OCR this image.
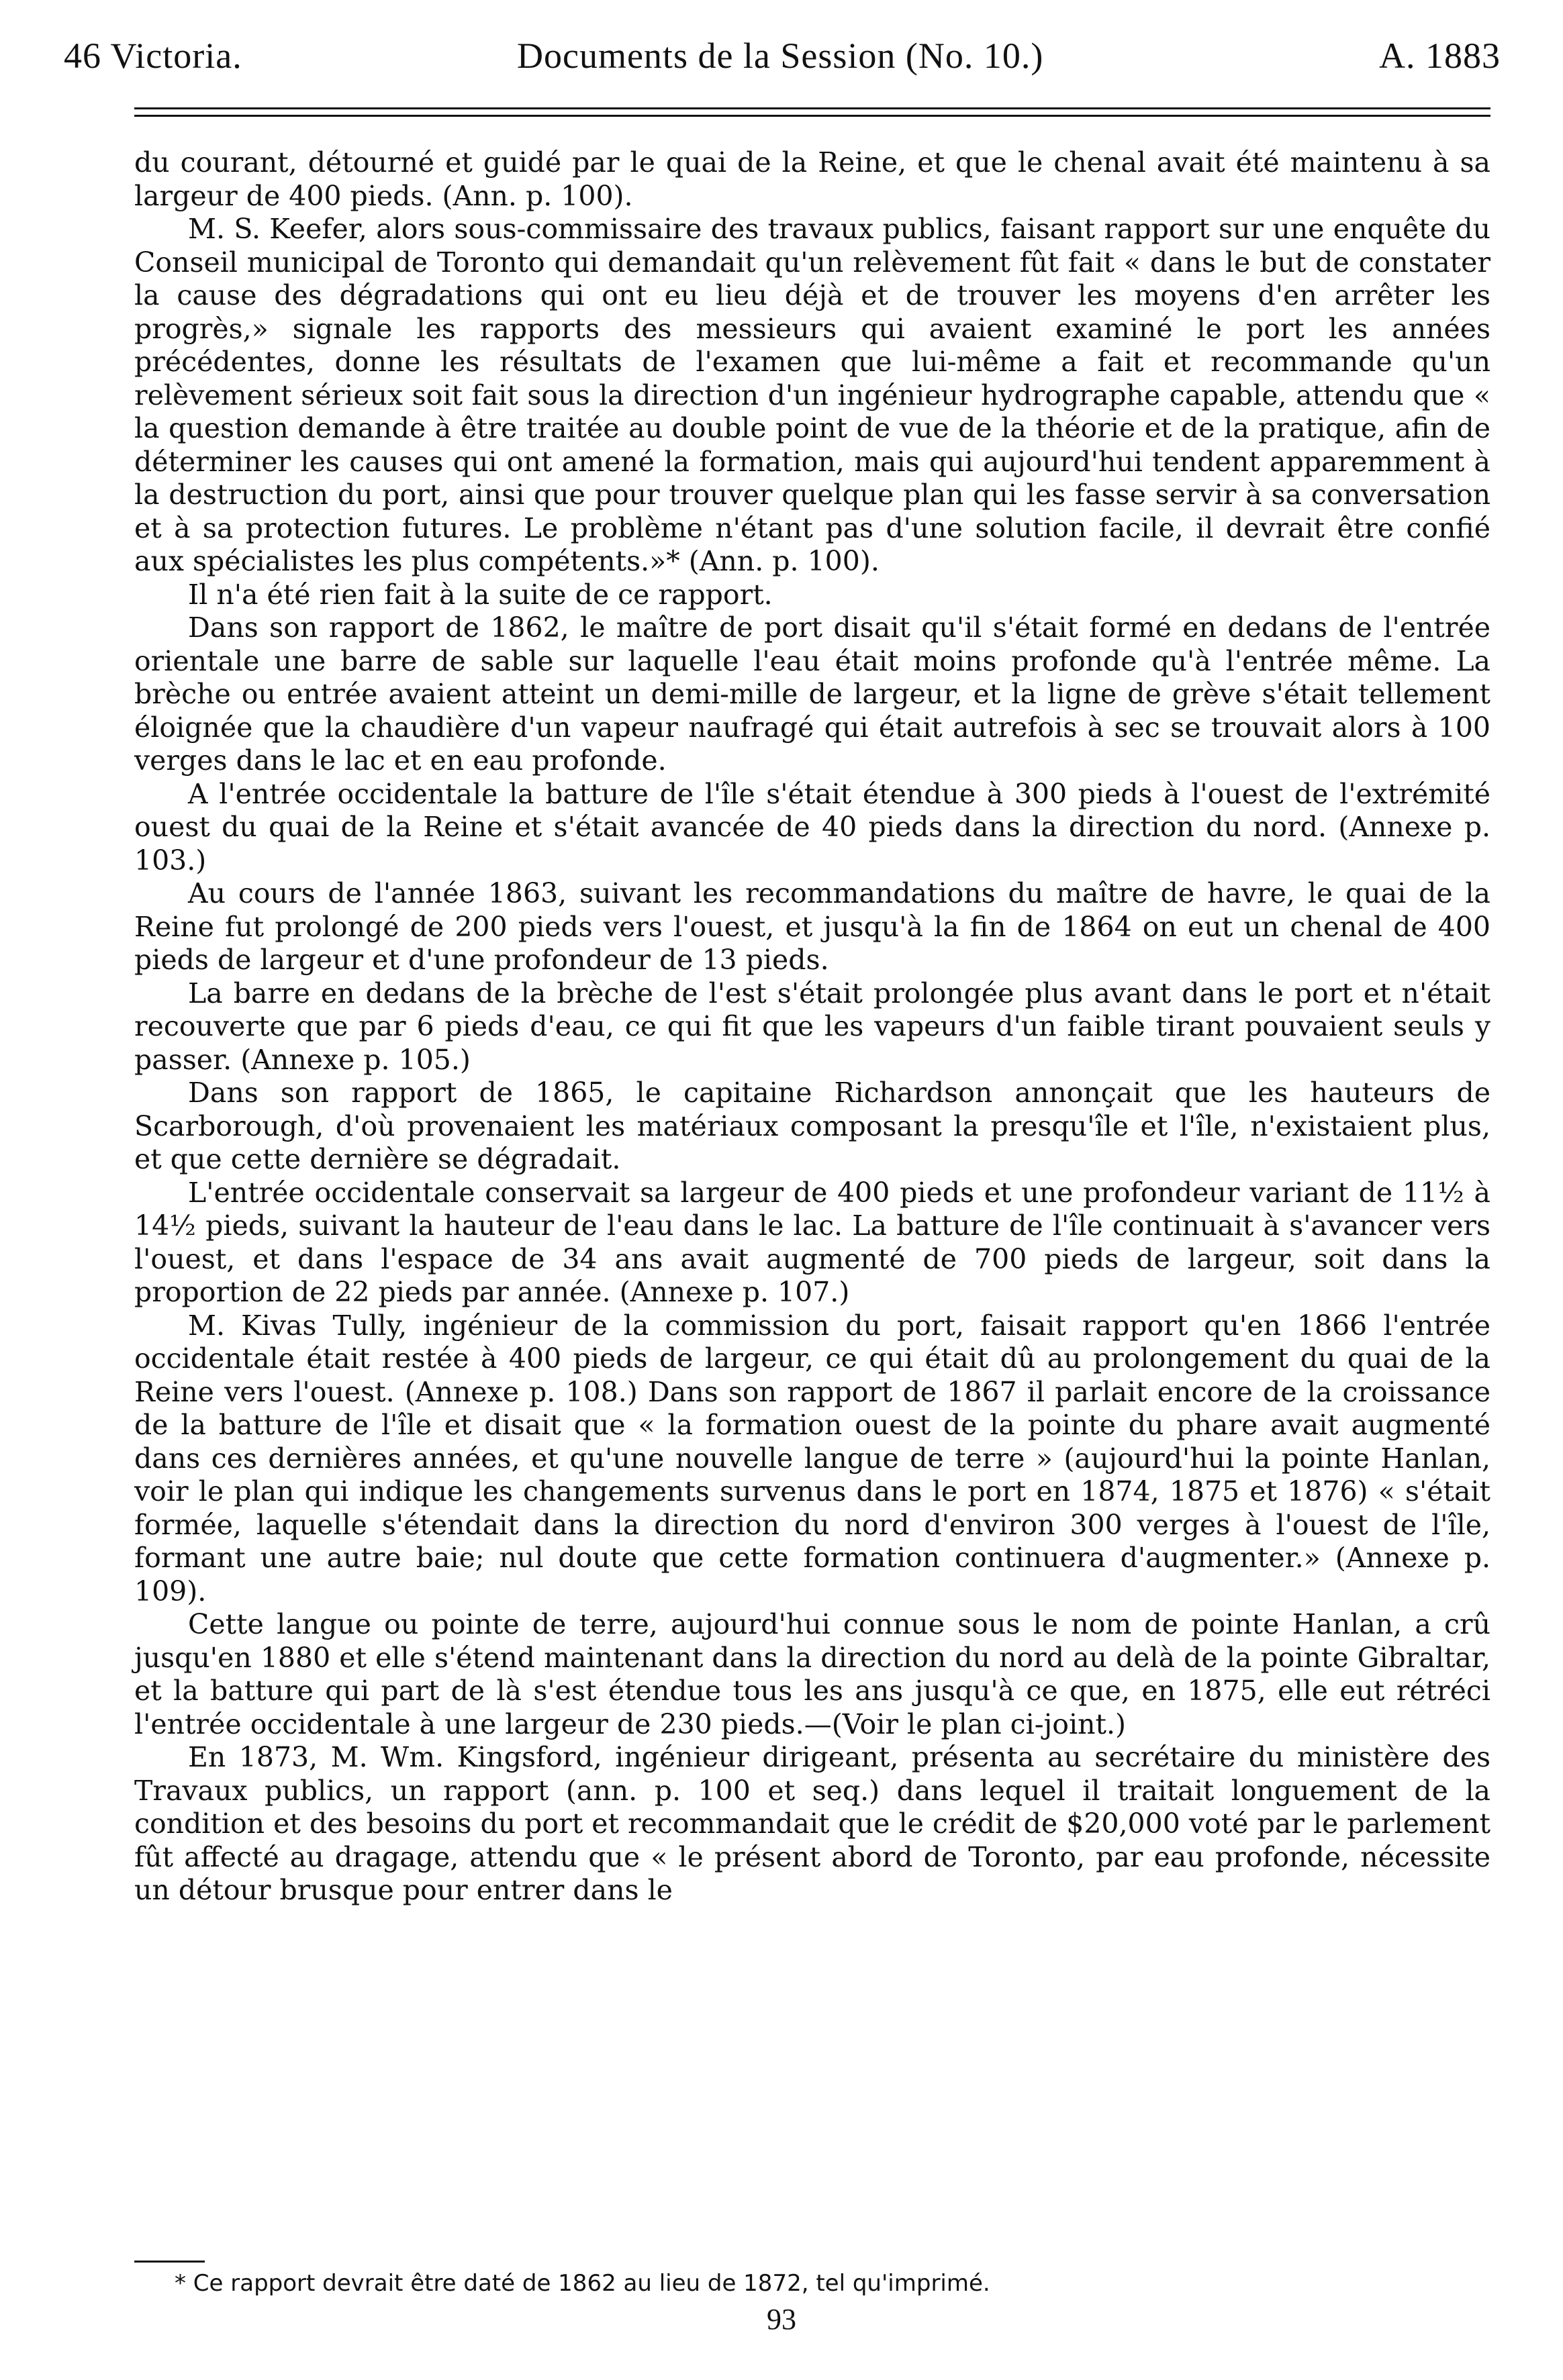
46 Victoria.	Documents de la Session (No. 10.)	A. 1883

du courant, détourné et guidé par le quai de la Reine, et que le chenal avait été maintenu à sa largeur de 400 pieds. (Ann. p. 100).

M. S. Keefer, alors sous-commissaire des travaux publics, faisant rapport sur une enquête du Conseil municipal de Toronto qui demandait qu'un relèvement fût fait « dans le but de constater la cause des dégradations qui ont eu lieu déjà et de trouver les moyens d'en arrêter les progrès,» signale les rapports des messieurs qui avaient examiné le port les années précédentes, donne les résultats de l'examen que lui-même a fait et recommande qu'un relèvement sérieux soit fait sous la direction d'un ingénieur hydrographe capable, attendu que « la question demande à être traitée au double point de vue de la théorie et de la pratique, afin de déterminer les causes qui ont amené la formation, mais qui aujourd'hui tendent apparemment à la destruction du port, ainsi que pour trouver quelque plan qui les fasse servir à sa conversation et à sa protection futures. Le problème n'étant pas d'une solution facile, il devrait être confié aux spécialistes les plus compétents.»* (Ann. p. 100).

Il n'a été rien fait à la suite de ce rapport.

Dans son rapport de 1862, le maître de port disait qu'il s'était formé en dedans de l'entrée orientale une barre de sable sur laquelle l'eau était moins profonde qu'à l'entrée même. La brèche ou entrée avaient atteint un demi-mille de largeur, et la ligne de grève s'était tellement éloignée que la chaudière d'un vapeur naufragé qui était autrefois à sec se trouvait alors à 100 verges dans le lac et en eau profonde.

A l'entrée occidentale la batture de l'île s'était étendue à 300 pieds à l'ouest de l'extrémité ouest du quai de la Reine et s'était avancée de 40 pieds dans la direction du nord. (Annexe p. 103.)

Au cours de l'année 1863, suivant les recommandations du maître de havre, le quai de la Reine fut prolongé de 200 pieds vers l'ouest, et jusqu'à la fin de 1864 on eut un chenal de 400 pieds de largeur et d'une profondeur de 13 pieds.

La barre en dedans de la brèche de l'est s'était prolongée plus avant dans le port et n'était recouverte que par 6 pieds d'eau, ce qui fit que les vapeurs d'un faible tirant pouvaient seuls y passer. (Annexe p. 105.)

Dans son rapport de 1865, le capitaine Richardson annonçait que les hauteurs de Scarborough, d'où provenaient les matériaux composant la presqu'île et l'île, n'existaient plus, et que cette dernière se dégradait.

L'entrée occidentale conservait sa largeur de 400 pieds et une profondeur variant de 11½ à 14½ pieds, suivant la hauteur de l'eau dans le lac. La batture de l'île continuait à s'avancer vers l'ouest, et dans l'espace de 34 ans avait augmenté de 700 pieds de largeur, soit dans la proportion de 22 pieds par année. (Annexe p. 107.)

M. Kivas Tully, ingénieur de la commission du port, faisait rapport qu'en 1866 l'entrée occidentale était restée à 400 pieds de largeur, ce qui était dû au prolongement du quai de la Reine vers l'ouest. (Annexe p. 108.) Dans son rapport de 1867 il parlait encore de la croissance de la batture de l'île et disait que « la formation ouest de la pointe du phare avait augmenté dans ces dernières années, et qu'une nouvelle langue de terre » (aujourd'hui la pointe Hanlan, voir le plan qui indique les changements survenus dans le port en 1874, 1875 et 1876) « s'était formée, laquelle s'étendait dans la direction du nord d'environ 300 verges à l'ouest de l'île, formant une autre baie; nul doute que cette formation continuera d'augmenter.» (Annexe p. 109).

Cette langue ou pointe de terre, aujourd'hui connue sous le nom de pointe Hanlan, a crû jusqu'en 1880 et elle s'étend maintenant dans la direction du nord au delà de la pointe Gibraltar, et la batture qui part de là s'est étendue tous les ans jusqu'à ce que, en 1875, elle eut rétréci l'entrée occidentale à une largeur de 230 pieds.—(Voir le plan ci-joint.)

En 1873, M. Wm. Kingsford, ingénieur dirigeant, présenta au secrétaire du ministère des Travaux publics, un rapport (ann. p. 100 et seq.) dans lequel il traitait longuement de la condition et des besoins du port et recommandait que le crédit de $20,000 voté par le parlement fût affecté au dragage, attendu que « le présent abord de Toronto, par eau profonde, nécessite un détour brusque pour entrer dans le

* Ce rapport devrait être daté de 1862 au lieu de 1872, tel qu'imprimé.
93
